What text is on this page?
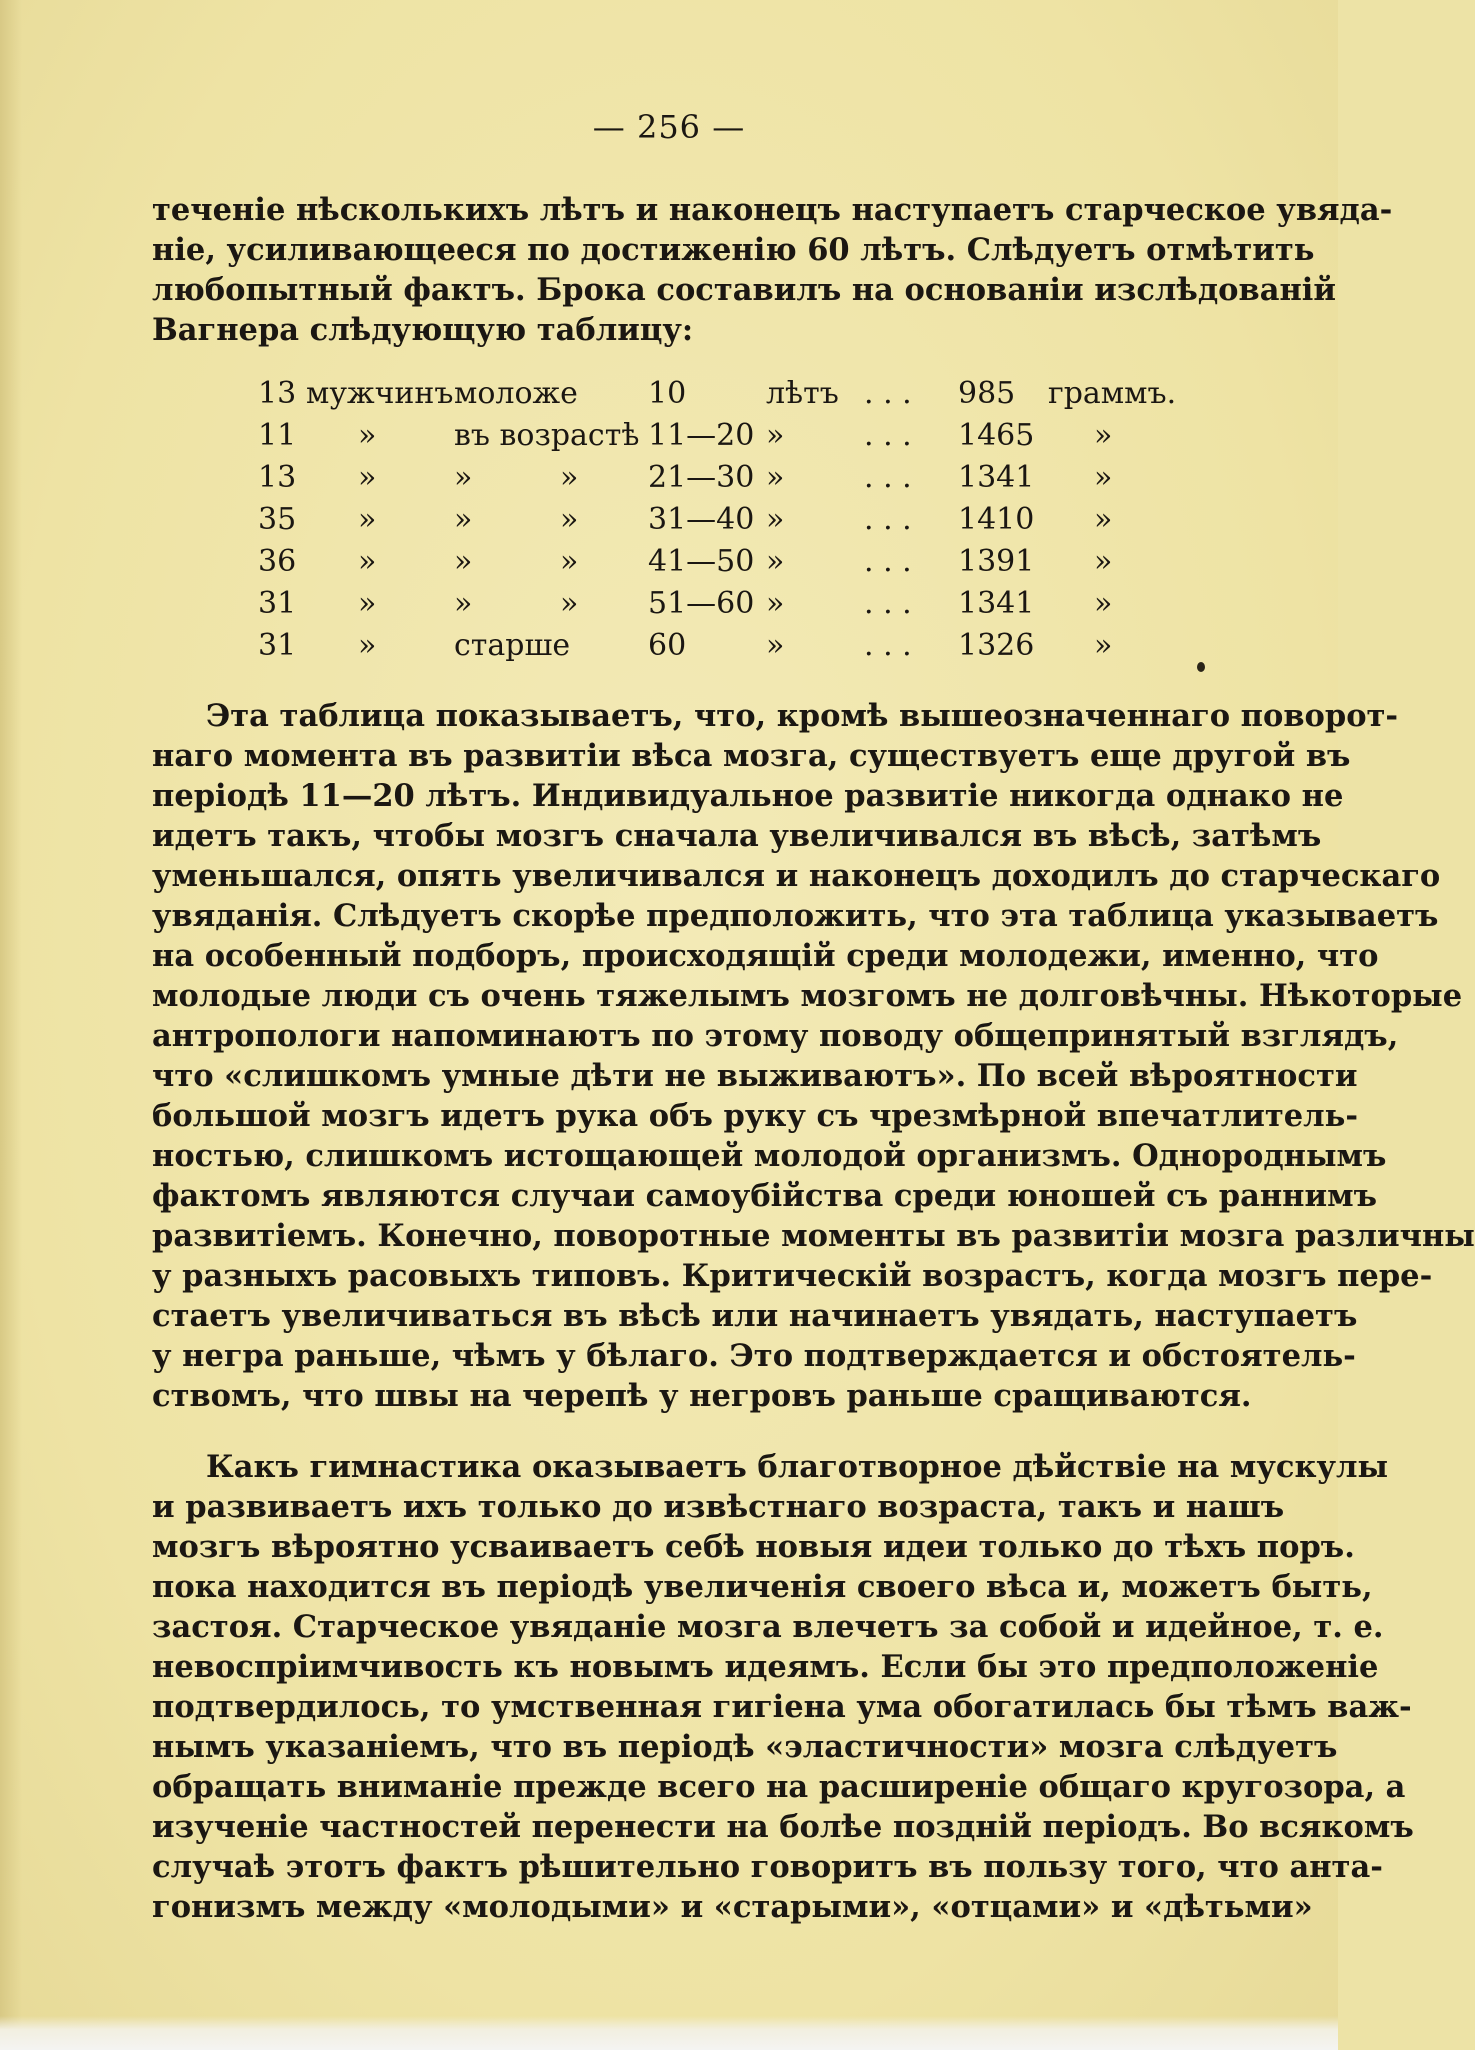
— 256 —
теченіе нѣсколькихъ лѣтъ и наконецъ наступаетъ старческое увяда-
ніе, усиливающееся по достиженію 60 лѣтъ. Слѣдуетъ отмѣтить
любопытный фактъ. Брока составилъ на основаніи изслѣдованій
Вагнера слѣдующую таблицу:
13 мужчинъ моложе 10	лѣтъ . . . 985 граммъ.
11 »	въ возрастѣ 11—20 »	. . . 1465 »
13 »	»	» 21—30 »	. . . 1341 »
35 »	»	» 31—40 »	. . . 1410 »
36 »	»	» 41—50 »	. . . 1391 »
31 »	»	» 51—60 »	. . . 1341 »
31 »	старше	60	»	. . . 1326 »
Эта таблица показываетъ, что, кромѣ вышеозначеннаго поворот-
наго момента въ развитіи вѣса мозга, существуетъ еще другой въ
періодѣ 11—20 лѣтъ. Индивидуальное развитіе никогда однако не
идетъ такъ, чтобы мозгъ сначала увеличивался въ вѣсѣ, затѣмъ
уменьшался, опять увеличивался и наконецъ доходилъ до старческаго
увяданія. Слѣдуетъ скорѣе предположить, что эта таблица указываетъ
на особенный подборъ, происходящій среди молодежи, именно, что
молодые люди съ очень тяжелымъ мозгомъ не долговѣчны. Нѣкоторые
антропологи напоминаютъ по этому поводу общепринятый взглядъ,
что «слишкомъ умные дѣти не выживаютъ». По всей вѣроятности
большой мозгъ идетъ рука объ руку съ чрезмѣрной впечатлитель-
ностью, слишкомъ истощающей молодой организмъ. Однороднымъ
фактомъ являются случаи самоубійства среди юношей съ раннимъ
развитіемъ. Конечно, поворотные моменты въ развитіи мозга различны
у разныхъ расовыхъ типовъ. Критическій возрастъ, когда мозгъ пере-
стаетъ увеличиваться въ вѣсѣ или начинаетъ увядать, наступаетъ
у негра раньше, чѣмъ у бѣлаго. Это подтверждается и обстоятель-
ствомъ, что швы на черепѣ у негровъ раньше сращиваются.
Какъ гимнастика оказываетъ благотворное дѣйствіе на мускулы
и развиваетъ ихъ только до извѣстнаго возраста, такъ и нашъ
мозгъ вѣроятно усваиваетъ себѣ новыя идеи только до тѣхъ поръ.
пока находится въ періодѣ увеличенія своего вѣса и, можетъ быть,
застоя. Старческое увяданіе мозга влечетъ за собой и идейное, т. е.
невоспріимчивость къ новымъ идеямъ. Если бы это предположеніе
подтвердилось, то умственная гигіена ума обогатилась бы тѣмъ важ-
нымъ указаніемъ, что въ періодѣ «эластичности» мозга слѣдуетъ
обращать вниманіе прежде всего на расширеніе общаго кругозора, а
изученіе частностей перенести на болѣе поздній періодъ. Во всякомъ
случаѣ этотъ фактъ рѣшительно говоритъ въ пользу того, что анта-
гонизмъ между «молодыми» и «старыми», «отцами» и «дѣтьми»
